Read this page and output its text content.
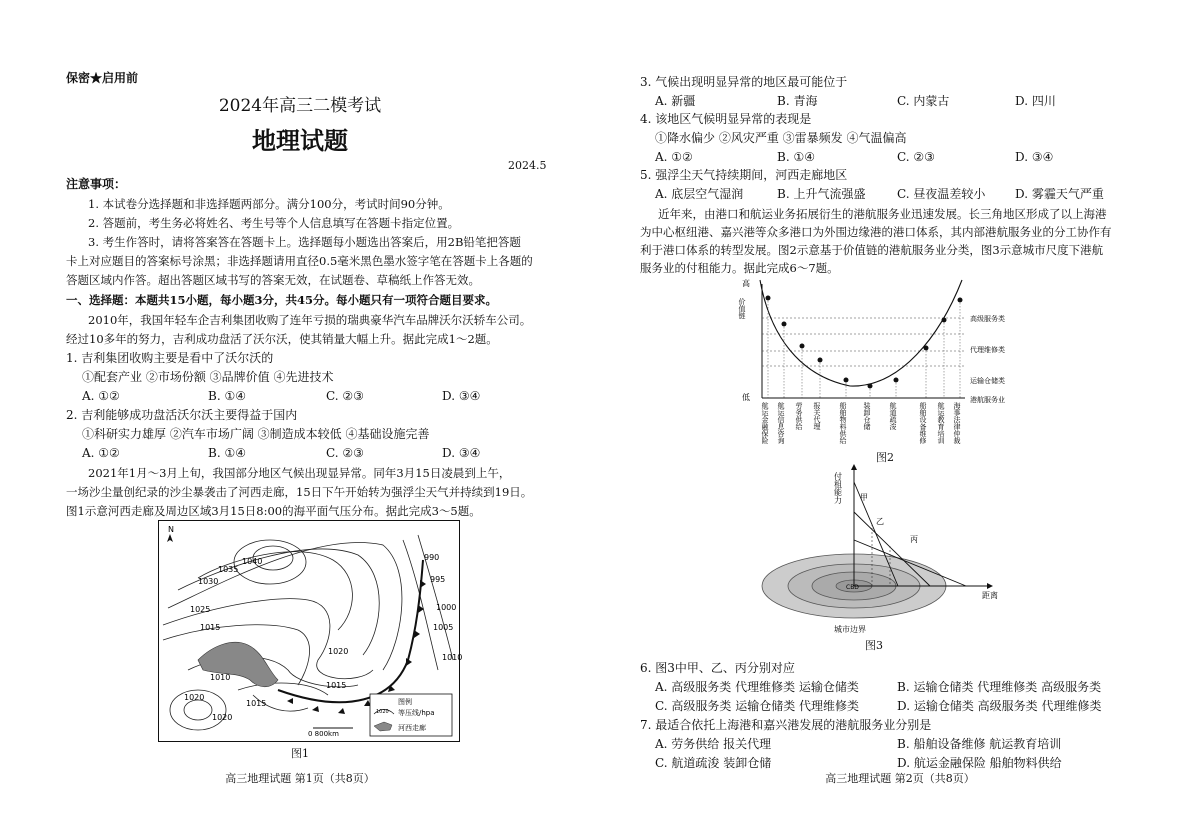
保密★启用前
2024年高三二模考试
地理试题
2024.5
注意事项：
1. 本试卷分选择题和非选择题两部分。满分100分，考试时间90分钟。
2. 答题前，考生务必将姓名、考生号等个人信息填写在答题卡指定位置。
3. 考生作答时，请将答案答在答题卡上。选择题每小题选出答案后，用2B铅笔把答题
卡上对应题目的答案标号涂黑；非选择题请用直径0.5毫米黑色墨水签字笔在答题卡上各题的
答题区域内作答。超出答题区域书写的答案无效，在试题卷、草稿纸上作答无效。
一、选择题：本题共15小题，每小题3分，共45分。每小题只有一项符合题目要求。
2010年，我国年轻车企吉利集团收购了连年亏损的瑞典豪华汽车品牌沃尔沃轿车公司。
经过10多年的努力，吉利成功盘活了沃尔沃，使其销量大幅上升。据此完成1～2题。
1. 吉利集团收购主要是看中了沃尔沃的
①配套产业 ②市场份额 ③品牌价值 ④先进技术
A. ①②	B. ①④	C. ②③	D. ③④
2. 吉利能够成功盘活沃尔沃主要得益于国内
①科研实力雄厚 ②汽车市场广阔 ③制造成本较低 ④基础设施完善
A. ①②	B. ①④	C. ②③	D. ③④
2021年1月～3月上旬，我国部分地区气候出现显异常。同年3月15日凌晨到上午，
一场沙尘量创纪录的沙尘暴袭击了河西走廊，15日下午开始转为强浮尘天气并持续到19日。
图1示意河西走廊及周边区域3月15日8:00的海平面气压分布。据此完成3～5题。
N
1040
1035
1030
1025
1020
1015
1010
1005
1000
995
990
1020
1015
1015
1020
1010
0 800km
图例
1020 等压线/hpa
河西走廊
图1
高三地理试题 第1页（共8页）
3. 气候出现明显异常的地区最可能位于
A. 新疆	B. 青海	C. 内蒙古	D. 四川
4. 该地区气候明显异常的表现是
①降水偏少 ②风灾严重 ③雷暴频发 ④气温偏高
A. ①②	B. ①④	C. ②③	D. ③④
5. 强浮尘天气持续期间，河西走廊地区
A. 底层空气湿润	B. 上升气流强盛	C. 昼夜温差较小 D. 雾霾天气严重
近年来，由港口和航运业务拓展衍生的港航服务业迅速发展。长三角地区形成了以上海港
为中心枢纽港、嘉兴港等众多港口为外围边缘港的港口体系，其内部港航服务业的分工协作有
利于港口体系的转型发展。图2示意基于价值链的港航服务业分类，图3示意城市尺度下港航
服务业的付租能力。据此完成6～7题。
高
价值链
低
高级服务类
代理维修类
运输仓储类
港航服务业
航运金融保险 航运信息咨询 劳务供给 报关代理	船舶物料供给 装卸仓储	航道疏浚	船舶设备维修 航运教育培训 海事法律仲裁
图2
付租能力 甲
乙
丙
CBD
距离
城市边界
图3
6. 图3中甲、乙、丙分别对应
A. 高级服务类 代理维修类 运输仓储类	B. 运输仓储类 代理维修类 高级服务类
C. 高级服务类 运输仓储类 代理维修类	D. 运输仓储类 高级服务类 代理维修类
7. 最适合依托上海港和嘉兴港发展的港航服务业分别是
A. 劳务供给 报关代理	B. 船舶设备维修 航运教育培训
C. 航道疏浚 装卸仓储	D. 航运金融保险 船舶物料供给
高三地理试题 第2页（共8页）
